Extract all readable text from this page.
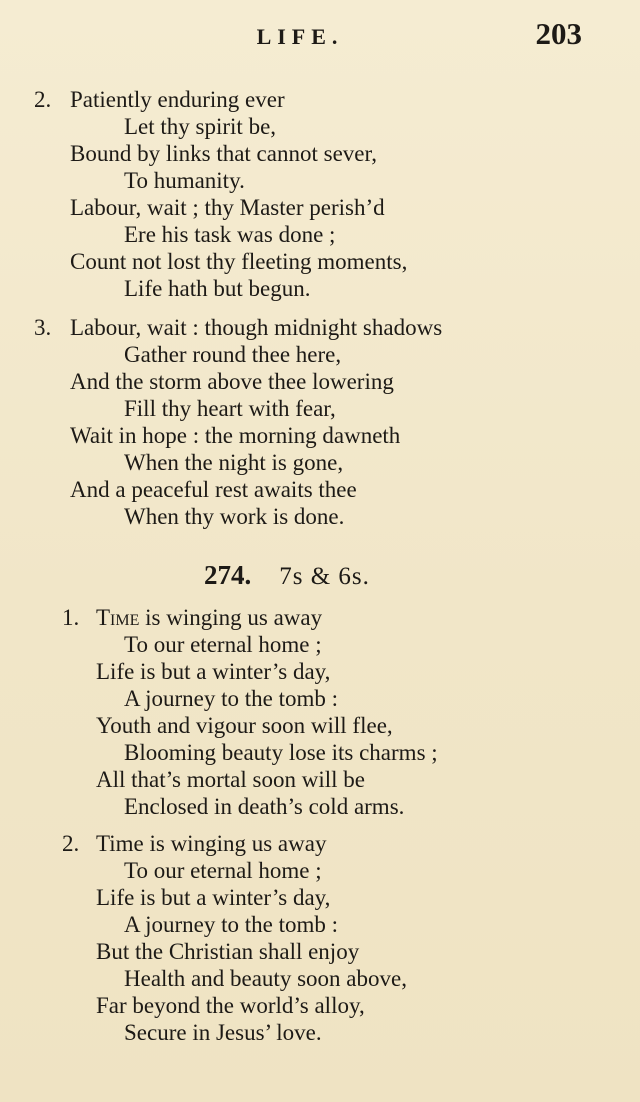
LIFE.	203
2. Patiently enduring ever
Let thy spirit be,
Bound by links that cannot sever,
To humanity.
Labour, wait ; thy Master perish’d
Ere his task was done ;
Count not lost thy fleeting moments,
Life hath but begun.
3. Labour, wait : though midnight shadows
Gather round thee here,
And the storm above thee lowering
Fill thy heart with fear,
Wait in hope : the morning dawneth
When the night is gone,
And a peaceful rest awaits thee
When thy work is done.
274. 7s & 6s.
1. Time is winging us away
To our eternal home ;
Life is but a winter’s day,
A journey to the tomb :
Youth and vigour soon will flee,
Blooming beauty lose its charms ;
All that’s mortal soon will be
Enclosed in death’s cold arms.
2. Time is winging us away
To our eternal home ;
Life is but a winter’s day,
A journey to the tomb :
But the Christian shall enjoy
Health and beauty soon above,
Far beyond the world’s alloy,
Secure in Jesus’ love.
